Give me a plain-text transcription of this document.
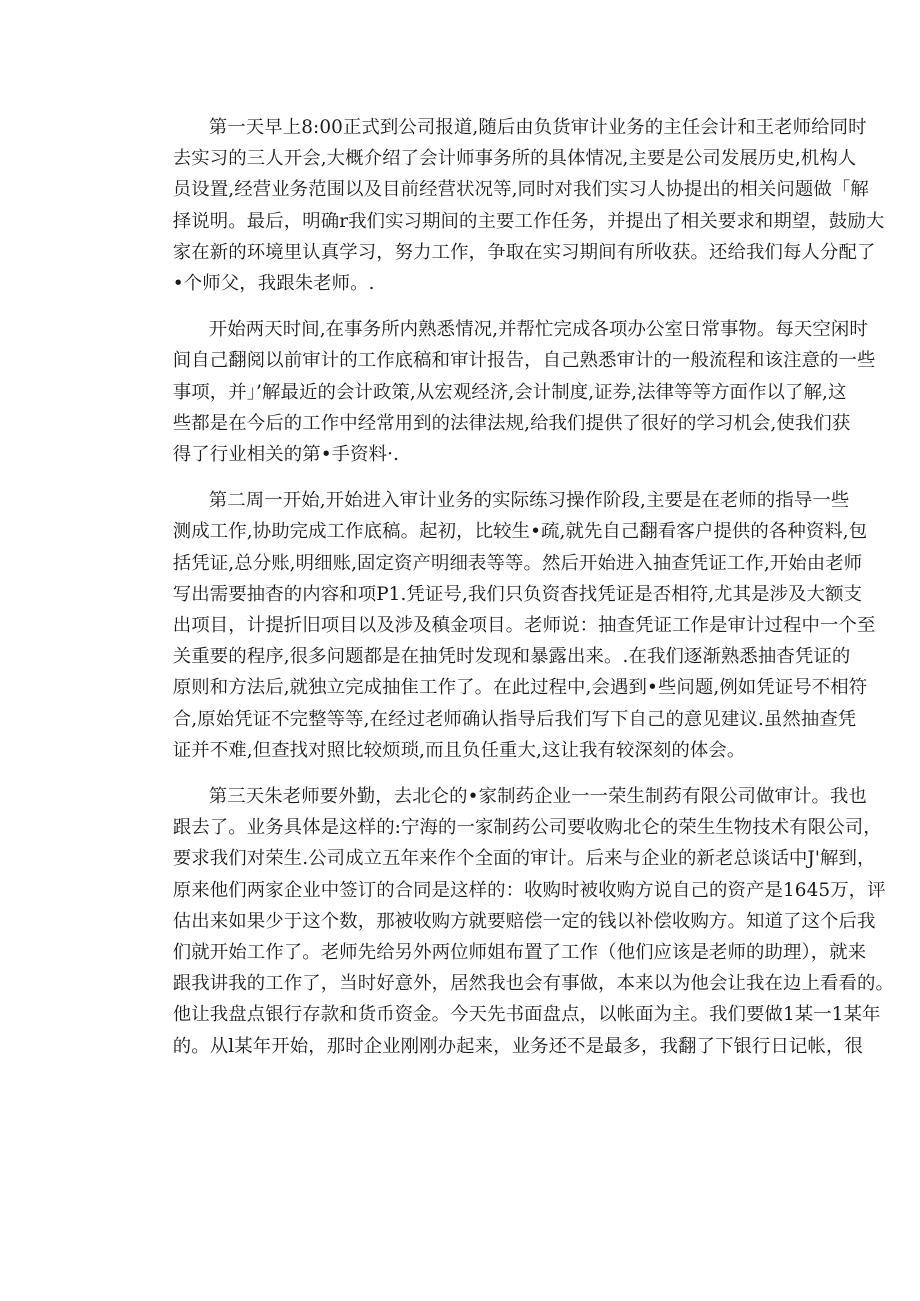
第一天早上8:00正式到公司报道,随后由负货审计业务的主任会计和王老师给同时
去实习的三人开会,大概介绍了会计师事务所的具体情况,主要是公司发展历史,机构人
员设置,经营业务范围以及目前经营状况等,同时对我们实习人协提出的相关问题做「解
择说明。最后，明确r我们实习期间的主要工作任务，并提出了相关要求和期望，鼓励大
家在新的环境里认真学习，努力工作，争取在实习期间有所收获。还给我们每人分配了
•个师父，我跟朱老师。.

开始两天时间,在事务所内熟悉情况,并帮忙完成各项办公室日常事物。每天空闲时
间自己翻阅以前审计的工作底稿和审计报告，自己熟悉审计的一般流程和该注意的一些
事项，并」’解最近的会计政策,从宏观经济,会计制度,证券,法律等等方面作以了解,这
些都是在今后的工作中经常用到的法律法规,给我们提供了很好的学习机会,使我们获
得了行业相关的第•手资料·.

第二周一开始,开始进入审计业务的实际练习操作阶段,主要是在老师的指导一些
测成工作,协助完成工作底稿。起初，比较生•疏,就先自己翻看客户提供的各种资料,包
括凭证,总分账,明细账,固定资产明细表等等。然后开始进入抽查凭证工作,开始由老师
写出需要抽杳的内容和项P1.凭证号,我们只负资杳找凭证是否相符,尤其是涉及大额支
出项目，计提折旧项目以及涉及稹金项目。老师说：抽查凭证工作是审计过程中一个至
关重要的程序,很多问题都是在抽凭时发现和暴露出来。.在我们逐渐熟悉抽杳凭证的
原则和方法后,就独立完成抽隹工作了。在此过程中,会遇到•些问题,例如凭证号不相符
合,原始凭证不完整等等,在经过老师确认指导后我们写下自己的意见建议.虽然抽查凭
证并不难,但查找对照比较烦琐,而且负任重大,这让我有较深刻的体会。

第三天朱老师要外勤，去北仑的•家制药企业一一荣生制药有限公司做审计。我也
跟去了。业务具体是这样的:宁海的一家制药公司要收购北仑的荣生生物技术有限公司，
要求我们对荣生.公司成立五年来作个全面的审计。后来与企业的新老总谈话中J'解到，
原来他们两家企业中签订的合同是这样的：收购时被收购方说自己的资产是1645万，评
估出来如果少于这个数，那被收购方就要赔偿一定的钱以补偿收购方。知道了这个后我
们就开始工作了。老师先给另外两位师姐布置了工作（他们应该是老师的助理），就来
跟我讲我的工作了，当时好意外，居然我也会有事做，本来以为他会让我在边上看看的。
他让我盘点银行存款和货币资金。今天先书面盘点，以帐面为主。我们要做1某一1某年
的。从l某年开始，那时企业刚刚办起来，业务还不是最多，我翻了下银行日记帐，很
